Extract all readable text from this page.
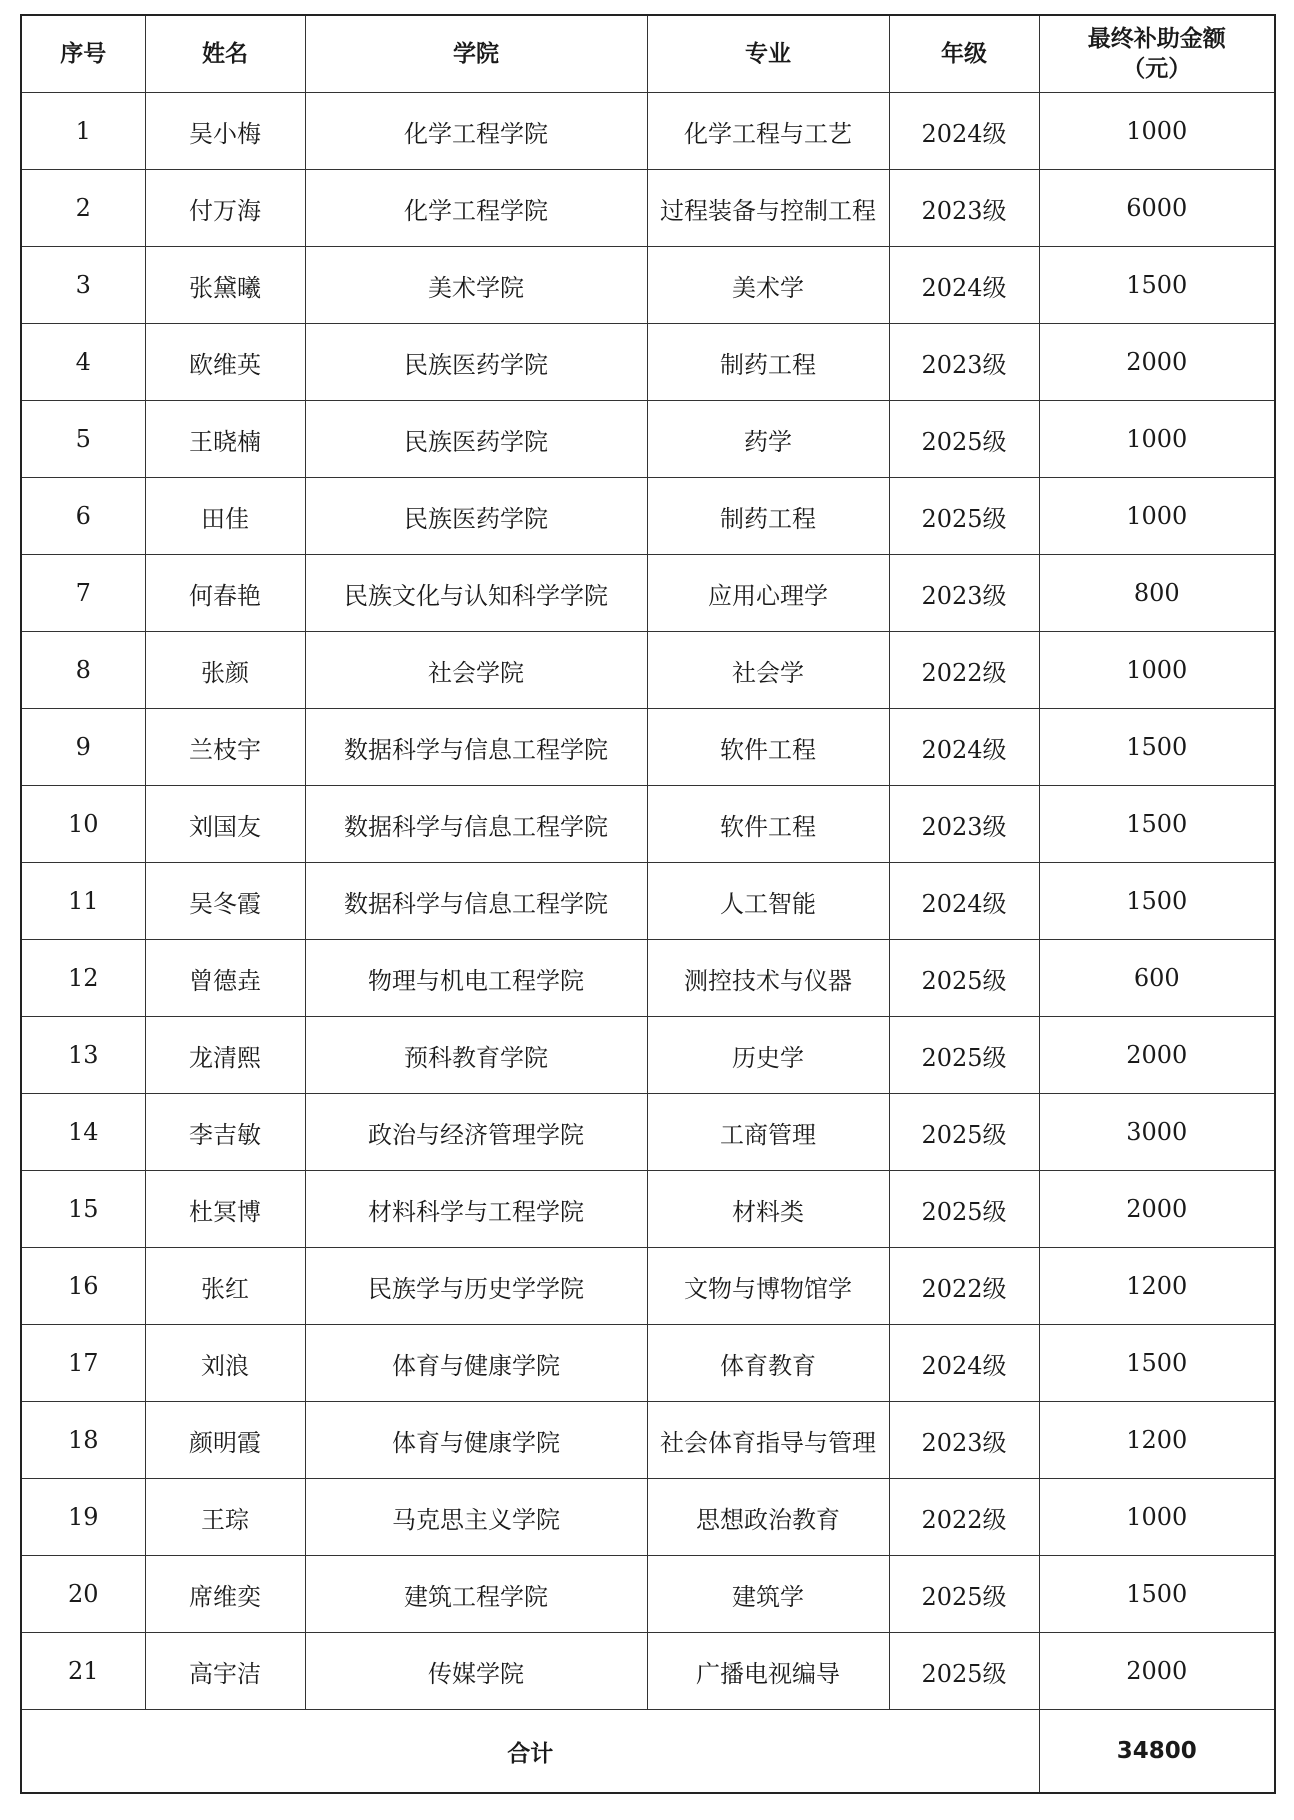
序号	姓名	学院	专业	年级	最终补助金额
（元）

1	吴小梅	化学工程学院	化学工程与工艺	2024级	1000
2	付万海	化学工程学院	过程装备与控制工程	2023级	6000
3	张黛曦	美术学院	美术学	2024级	1500
4	欧维英	民族医药学院	制药工程	2023级	2000
5	王晓楠	民族医药学院	药学	2025级	1000
6	田佳	民族医药学院	制药工程	2025级	1000
7	何春艳	民族文化与认知科学学院	应用心理学	2023级	800
8	张颜	社会学院	社会学	2022级	1000
9	兰枝宇	数据科学与信息工程学院	软件工程	2024级	1500
10	刘国友	数据科学与信息工程学院	软件工程	2023级	1500
11	吴冬霞	数据科学与信息工程学院	人工智能	2024级	1500
12	曾德垚	物理与机电工程学院	测控技术与仪器	2025级	600
13	龙清熙	预科教育学院	历史学	2025级	2000
14	李吉敏	政治与经济管理学院	工商管理	2025级	3000
15	杜冥博	材料科学与工程学院	材料类	2025级	2000
16	张红	民族学与历史学学院	文物与博物馆学	2022级	1200
17	刘浪	体育与健康学院	体育教育	2024级	1500
18	颜明霞	体育与健康学院	社会体育指导与管理	2023级	1200
19	王琮	马克思主义学院	思想政治教育	2022级	1000
20	席维奕	建筑工程学院	建筑学	2025级	1500
21	高宇洁	传媒学院	广播电视编导	2025级	2000
合计					34800
